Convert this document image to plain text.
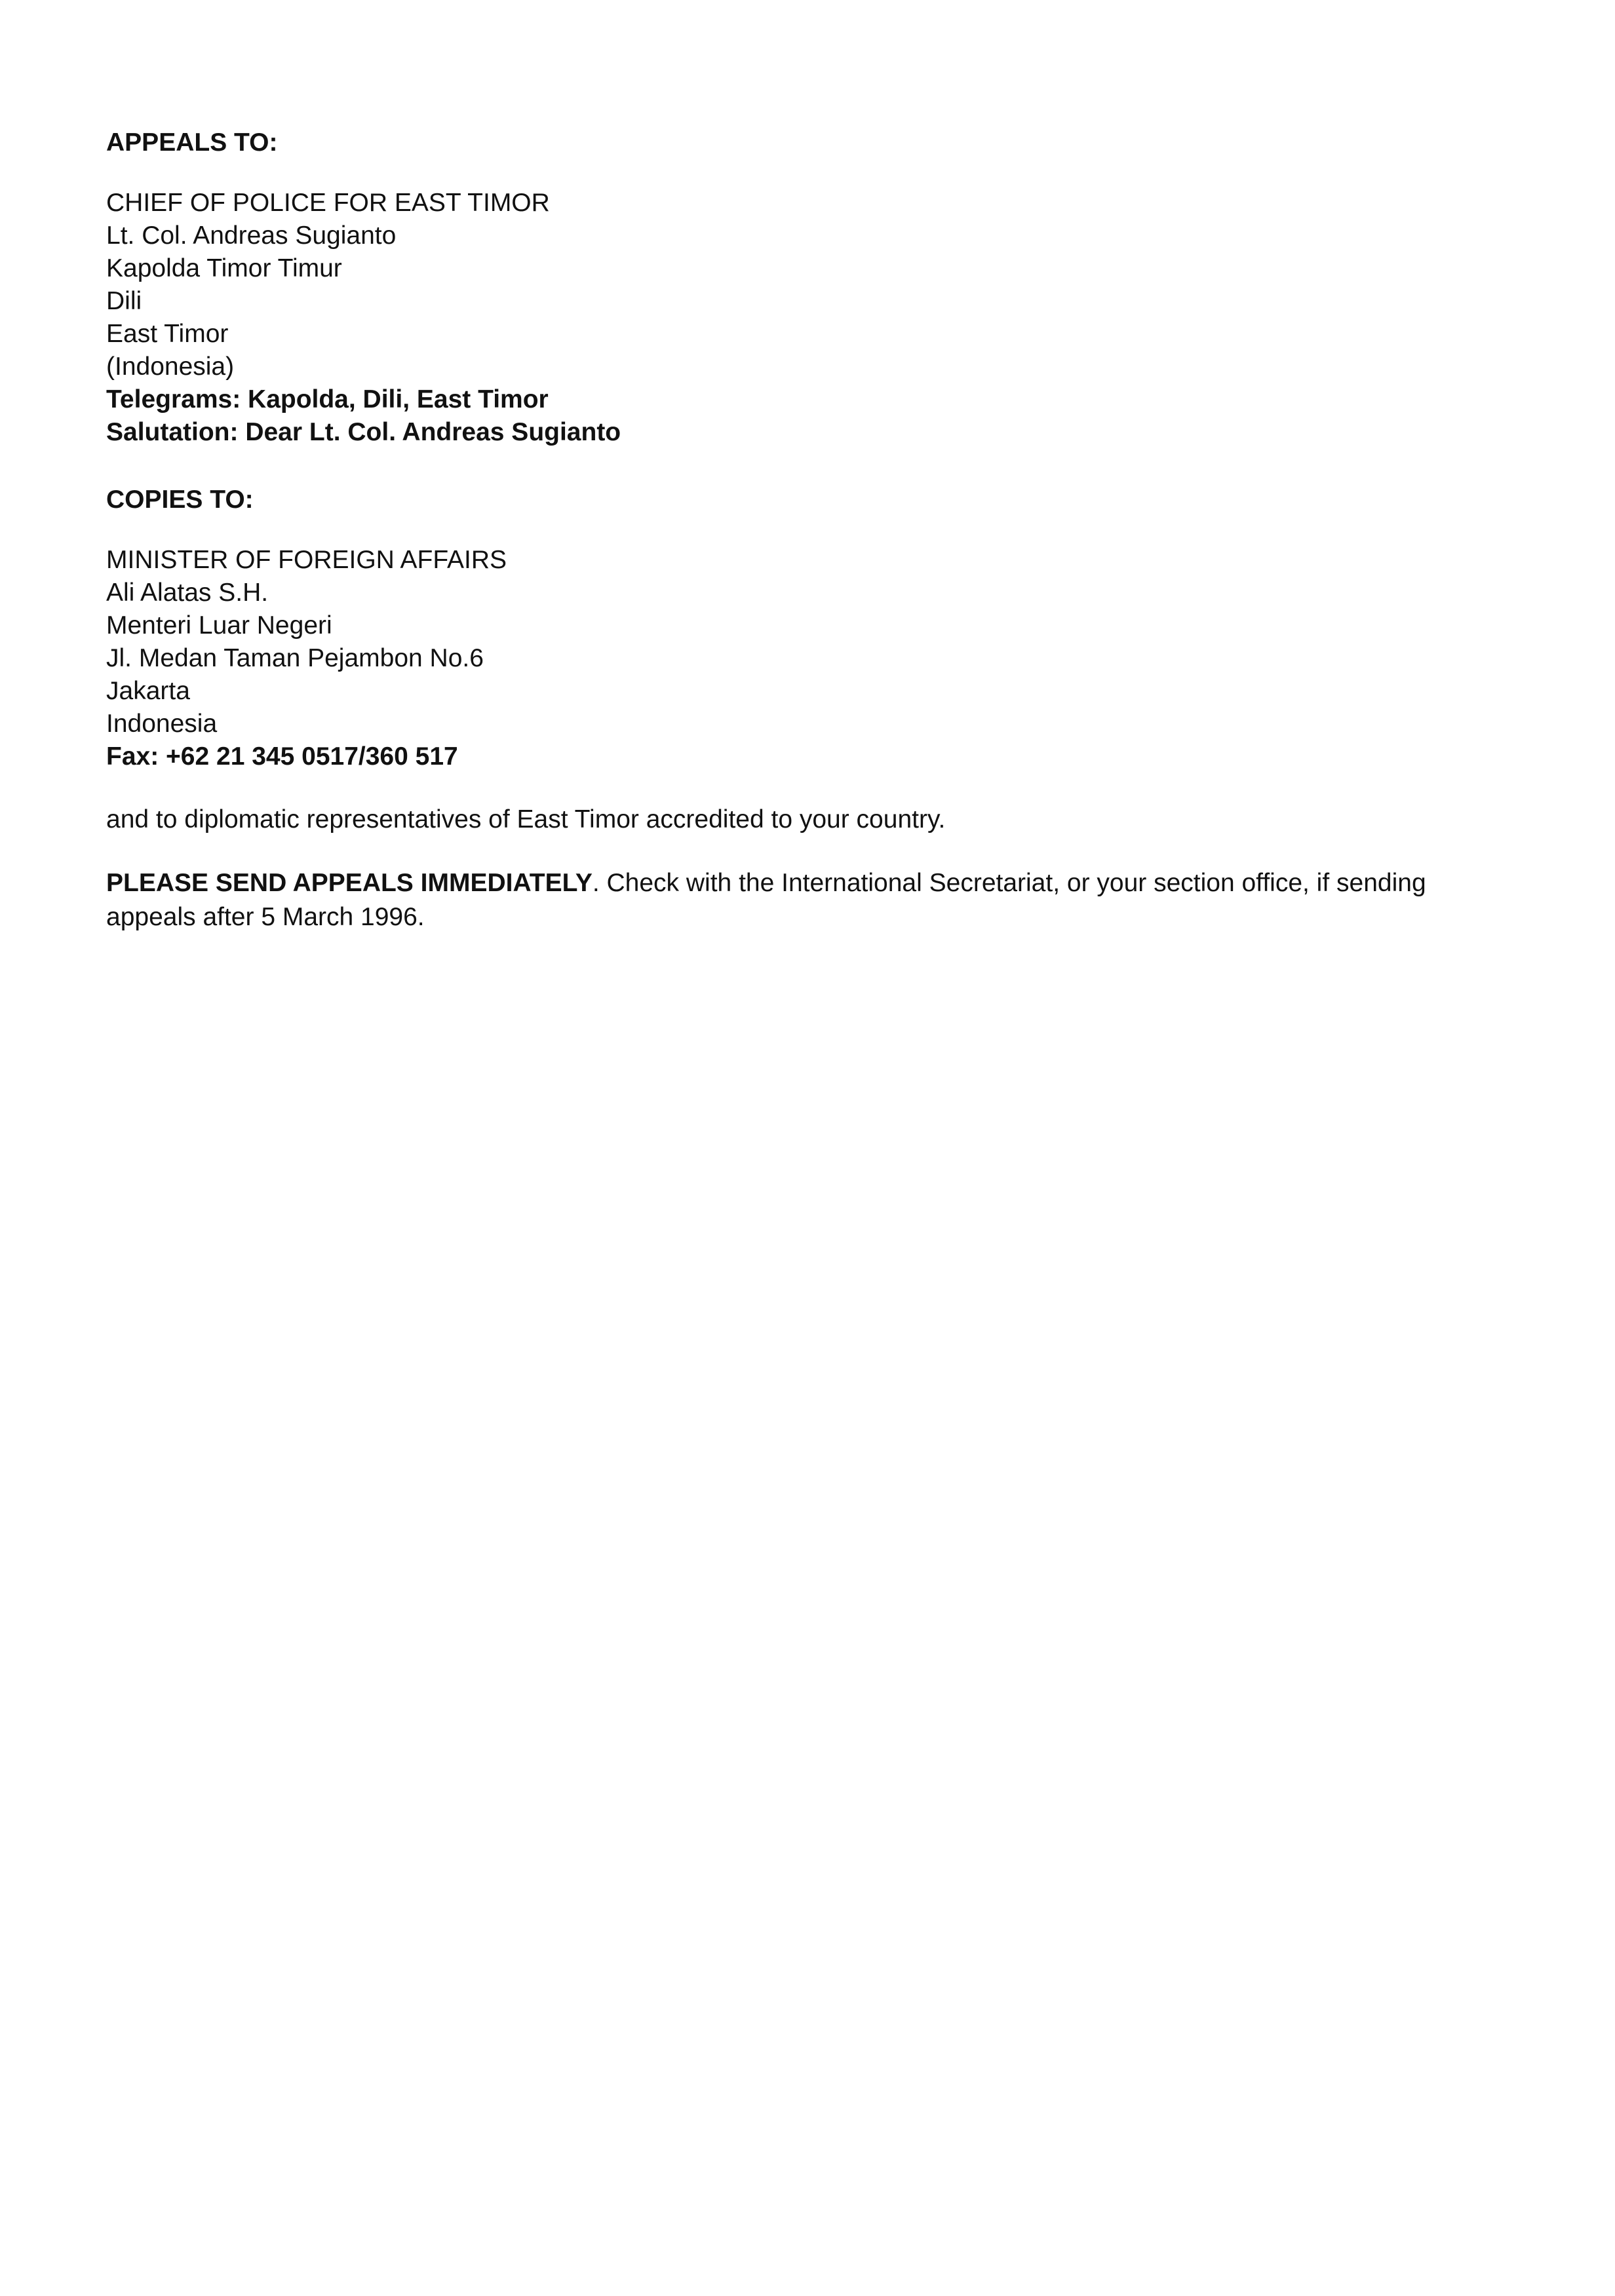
APPEALS TO:

CHIEF OF POLICE FOR EAST TIMOR

Lt. Col. Andreas Sugianto

Kapolda Timor Timur

Dili

East Timor

(Indonesia)

Telegrams: Kapolda, Dili, East Timor

Salutation: Dear Lt. Col. Andreas Sugianto

COPIES TO:

MINISTER OF FOREIGN AFFAIRS

Ali Alatas S.H.

Menteri Luar Negeri

Jl. Medan Taman Pejambon No.6

Jakarta

Indonesia

Fax: +62 21 345 0517/360 517

and to diplomatic representatives of East Timor accredited to your country.

PLEASE SEND APPEALS IMMEDIATELY. Check with the International Secretariat, or your section office, if sending appeals after 5 March 1996.
